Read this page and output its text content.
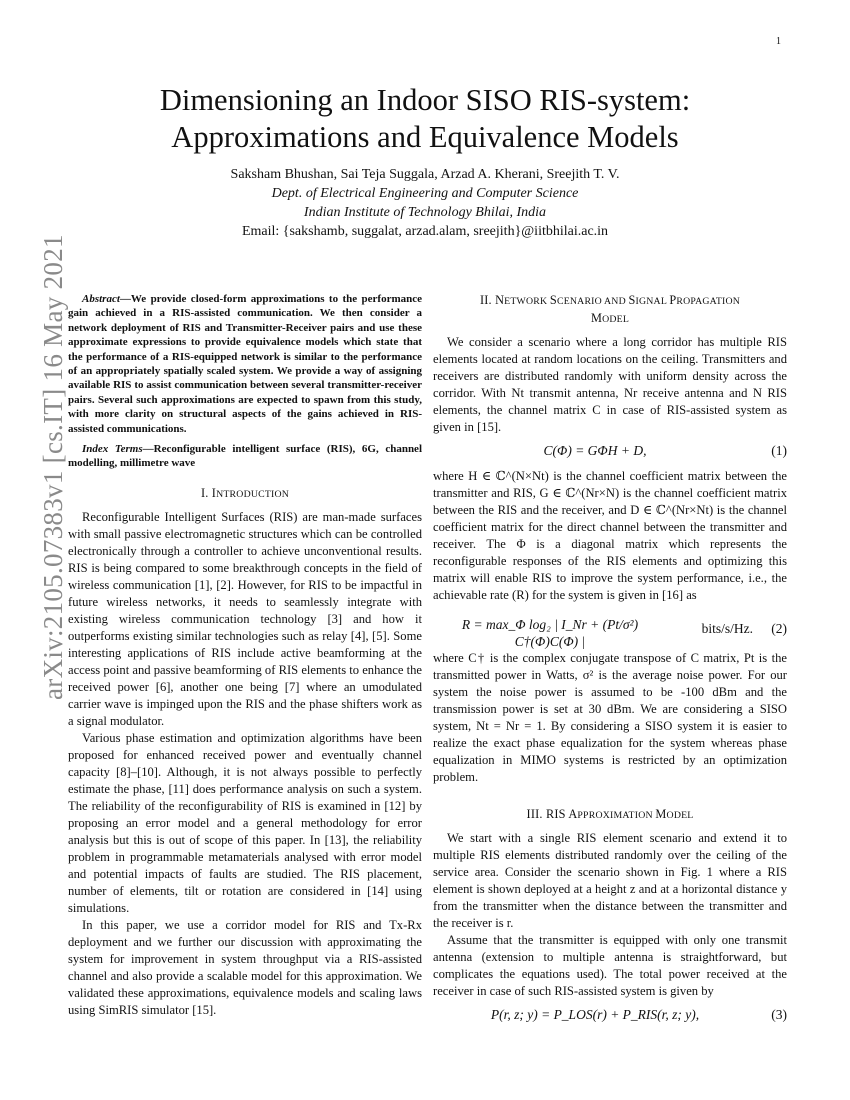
1
arXiv:2105.07383v1 [cs.IT] 16 May 2021
Dimensioning an Indoor SISO RIS-system:
Approximations and Equivalence Models
Saksham Bhushan, Sai Teja Suggala, Arzad A. Kherani, Sreejith T. V.
Dept. of Electrical Engineering and Computer Science
Indian Institute of Technology Bhilai, India
Email: {sakshamb, suggalat, arzad.alam, sreejith}@iitbhilai.ac.in

Abstract—We provide closed-form approximations to the performance gain achieved in a RIS-assisted communication. We then consider a network deployment of RIS and Transmitter-Receiver pairs and use these approximate expressions to provide equivalence models which state that the performance of a RIS-equipped network is similar to the performance of an appropriately spatially scaled system. We provide a way of assigning available RIS to assist communication between several transmitter-receiver pairs. Several such approximations are expected to spawn from this study, with more clarity on structural aspects of the gains achieved in RIS-assisted communications.

Index Terms—Reconfigurable intelligent surface (RIS), 6G, channel modelling, millimetre wave

I. INTRODUCTION

Reconfigurable Intelligent Surfaces (RIS) are man-made surfaces with small passive electromagnetic structures which can be controlled electronically through a controller to achieve unconventional results. RIS is being compared to some breakthrough concepts in the field of wireless communication [1], [2]. However, for RIS to be impactful in future wireless networks, it needs to seamlessly integrate with existing wireless communication technology [3] and how it outperforms existing similar technologies such as relay [4], [5]. Some interesting applications of RIS include active beamforming at the access point and passive beamforming of RIS elements to enhance the received power [6], another one being [7] where an umodulated carrier wave is impinged upon the RIS and the phase shifters work as a signal modulator.

Various phase estimation and optimization algorithms have been proposed for enhanced received power and eventually channel capacity [8]–[10]. Although, it is not always possible to perfectly estimate the phase, [11] does performance analysis on such a system. The reliability of the reconfigurability of RIS is examined in [12] by proposing an error model and a general methodology for error analysis but this is out of scope of this paper. In [13], the reliability problem in programmable metamaterials analysed with error model and potential impacts of faults are studied. The RIS placement, number of elements, tilt or rotation are considered in [14] using simulations.

In this paper, we use a corridor model for RIS and Tx-Rx deployment and we further our discussion with approximating the system for improvement in system throughput via a RIS-assisted channel and also provide a scalable model for this approximation. We validated these approximations, equivalence models and scaling laws using SimRIS simulator [15].

II. NETWORK SCENARIO AND SIGNAL PROPAGATION
MODEL

We consider a scenario where a long corridor has multiple RIS elements located at random locations on the ceiling. Transmitters and receivers are distributed randomly with uniform density across the corridor. With Nt transmit antenna, Nr receive antenna and N RIS elements, the channel matrix C in case of RIS-assisted system as given in [15].

C(Φ) = GΦH + D,	(1)

where H ∈ ℂ^(N×Nt) is the channel coefficient matrix between the transmitter and RIS, G ∈ ℂ^(Nr×N) is the channel coefficient matrix between the RIS and the receiver, and D ∈ ℂ^(Nr×Nt) is the channel coefficient matrix for the direct channel between the transmitter and receiver. The Φ is a diagonal matrix which represents the reconfigurable responses of the RIS elements and optimizing this matrix will enable RIS to improve the system performance, i.e., the achievable rate (R) for the system is given in [16] as

R = max_Φ log₂ | I_Nr + (Pt/σ²) C†(Φ)C(Φ) |
bits/s/Hz. (2)

where C† is the complex conjugate transpose of C matrix, Pt is the transmitted power in Watts, σ² is the average noise power. For our system the noise power is assumed to be -100 dBm and the transmission power is set at 30 dBm. We are considering a SISO system, Nt = Nr = 1. By considering a SISO system it is easier to realize the exact phase equalization for the system whereas phase equalization in MIMO systems is restricted by an optimization problem.

III. RIS APPROXIMATION MODEL

We start with a single RIS element scenario and extend it to multiple RIS elements distributed randomly over the ceiling of the service area. Consider the scenario shown in Fig. 1 where a RIS element is shown deployed at a height z and at a horizontal distance y from the transmitter when the distance between the transmitter and the receiver is r.

Assume that the transmitter is equipped with only one transmit antenna (extension to multiple antenna is straightforward, but complicates the equations used). The total power received at the receiver in case of such RIS-assisted system is given by

P(r, z; y) = P_LOS(r) + P_RIS(r, z; y),	(3)
